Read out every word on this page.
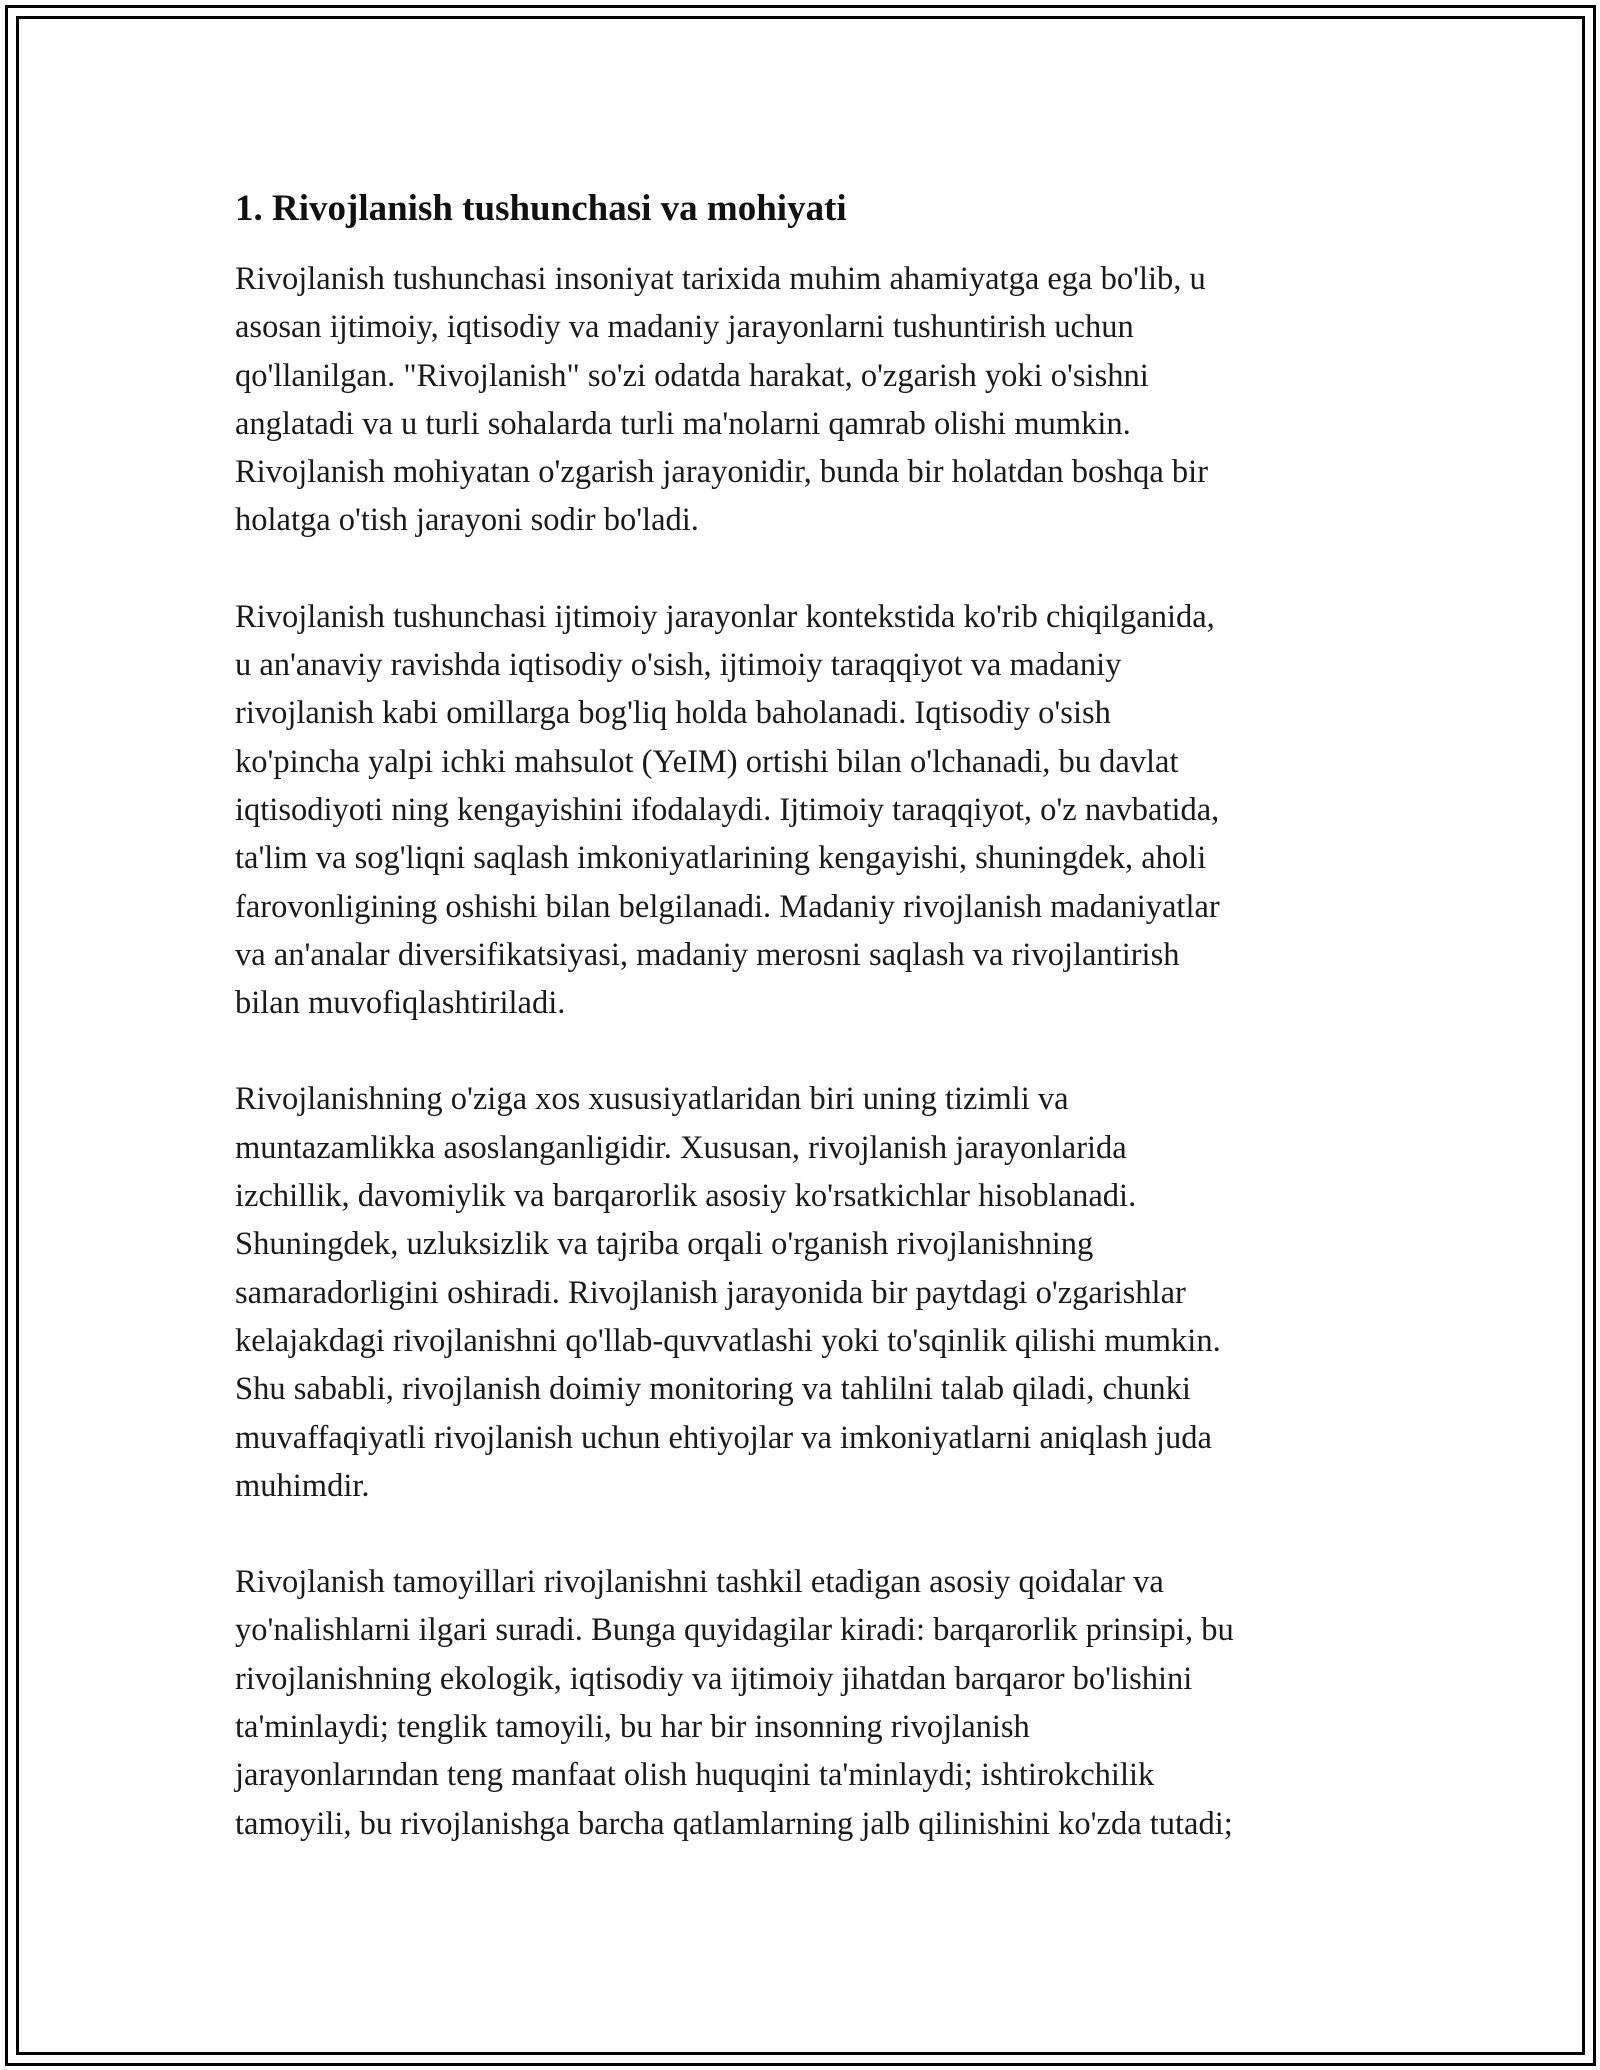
1. Rivojlanish tushunchasi va mohiyati

Rivojlanish tushunchasi insoniyat tarixida muhim ahamiyatga ega bo'lib, u
asosan ijtimoiy, iqtisodiy va madaniy jarayonlarni tushuntirish uchun
qo'llanilgan. "Rivojlanish" so'zi odatda harakat, o'zgarish yoki o'sishni
anglatadi va u turli sohalarda turli ma'nolarni qamrab olishi mumkin.
Rivojlanish mohiyatan o'zgarish jarayonidir, bunda bir holatdan boshqa bir
holatga o'tish jarayoni sodir bo'ladi.

Rivojlanish tushunchasi ijtimoiy jarayonlar kontekstida ko'rib chiqilganida,
u an'anaviy ravishda iqtisodiy o'sish, ijtimoiy taraqqiyot va madaniy
rivojlanish kabi omillarga bog'liq holda baholanadi. Iqtisodiy o'sish
ko'pincha yalpi ichki mahsulot (YeIM) ortishi bilan o'lchanadi, bu davlat
iqtisodiyoti ning kengayishini ifodalaydi. Ijtimoiy taraqqiyot, o'z navbatida,
ta'lim va sog'liqni saqlash imkoniyatlarining kengayishi, shuningdek, aholi
farovonligining oshishi bilan belgilanadi. Madaniy rivojlanish madaniyatlar
va an'analar diversifikatsiyasi, madaniy merosni saqlash va rivojlantirish
bilan muvofiqlashtiriladi.

Rivojlanishning o'ziga xos xususiyatlaridan biri uning tizimli va
muntazamlikka asoslanganligidir. Xususan, rivojlanish jarayonlarida
izchillik, davomiylik va barqarorlik asosiy ko'rsatkichlar hisoblanadi.
Shuningdek, uzluksizlik va tajriba orqali o'rganish rivojlanishning
samaradorligini oshiradi. Rivojlanish jarayonida bir paytdagi o'zgarishlar
kelajakdagi rivojlanishni qo'llab-quvvatlashi yoki to'sqinlik qilishi mumkin.
Shu sababli, rivojlanish doimiy monitoring va tahlilni talab qiladi, chunki
muvaffaqiyatli rivojlanish uchun ehtiyojlar va imkoniyatlarni aniqlash juda
muhimdir.

Rivojlanish tamoyillari rivojlanishni tashkil etadigan asosiy qoidalar va
yo'nalishlarni ilgari suradi. Bunga quyidagilar kiradi: barqarorlik prinsipi, bu
rivojlanishning ekologik, iqtisodiy va ijtimoiy jihatdan barqaror bo'lishini
ta'minlaydi; tenglik tamoyili, bu har bir insonning rivojlanish
jarayonlarından teng manfaat olish huquqini ta'minlaydi; ishtirokchilik
tamoyili, bu rivojlanishga barcha qatlamlarning jalb qilinishini ko'zda tutadi;
